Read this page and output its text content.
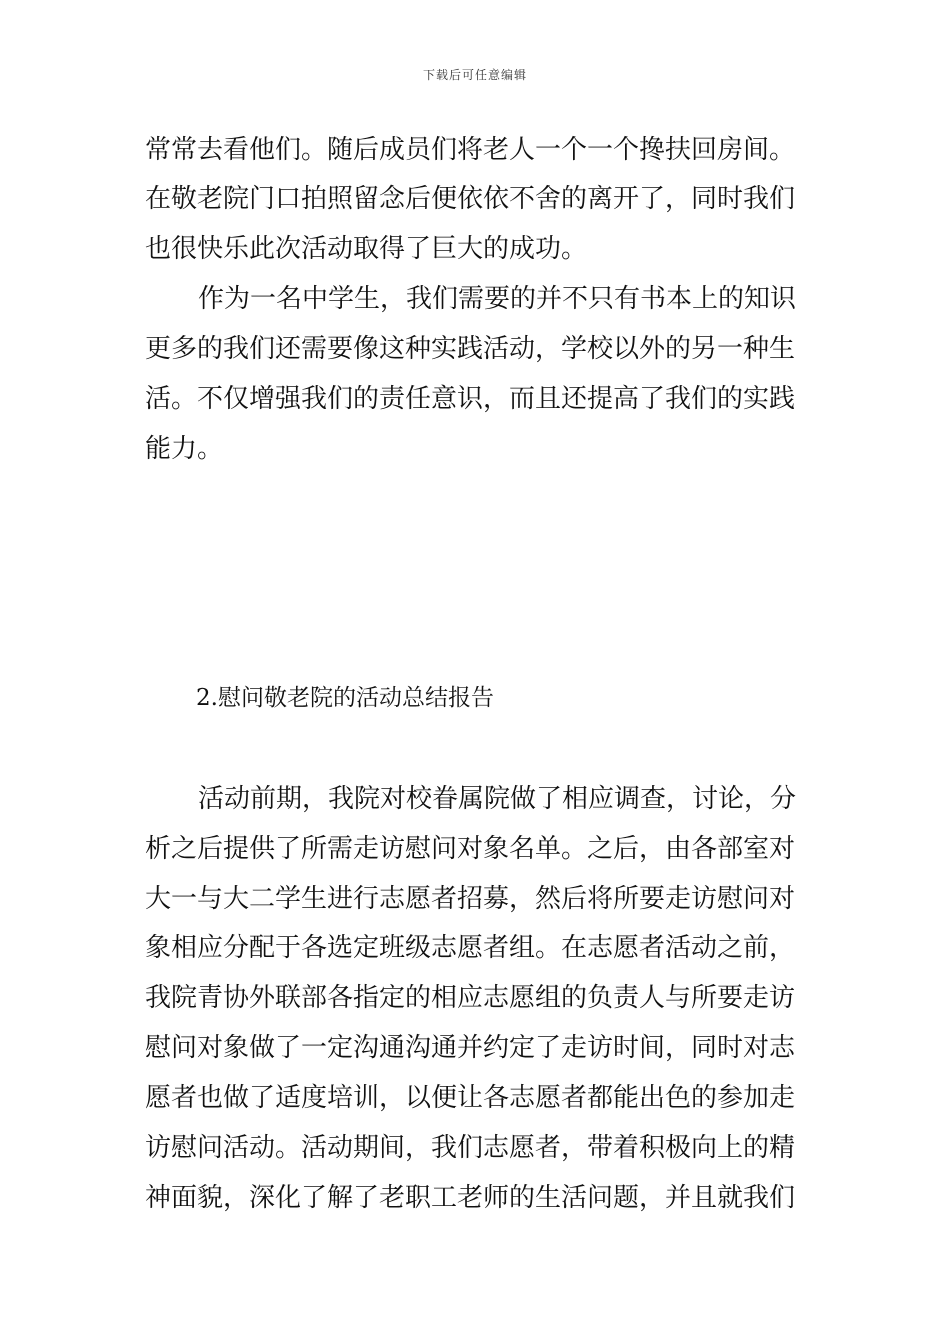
下载后可任意编辑
常常去看他们。随后成员们将老人一个一个搀扶回房间。
在敬老院门口拍照留念后便依依不舍的离开了，同时我们
也很快乐此次活动取得了巨大的成功。
作为一名中学生，我们需要的并不只有书本上的知识
更多的我们还需要像这种实践活动，学校以外的另一种生
活。不仅增强我们的责任意识，而且还提高了我们的实践
能力。
2.慰问敬老院的活动总结报告
活动前期，我院对校眷属院做了相应调查，讨论，分
析之后提供了所需走访慰问对象名单。之后，由各部室对
大一与大二学生进行志愿者招募，然后将所要走访慰问对
象相应分配于各选定班级志愿者组。在志愿者活动之前，
我院青协外联部各指定的相应志愿组的负责人与所要走访
慰问对象做了一定沟通沟通并约定了走访时间，同时对志
愿者也做了适度培训，以便让各志愿者都能出色的参加走
访慰问活动。活动期间，我们志愿者，带着积极向上的精
神面貌，深化了解了老职工老师的生活问题，并且就我们
